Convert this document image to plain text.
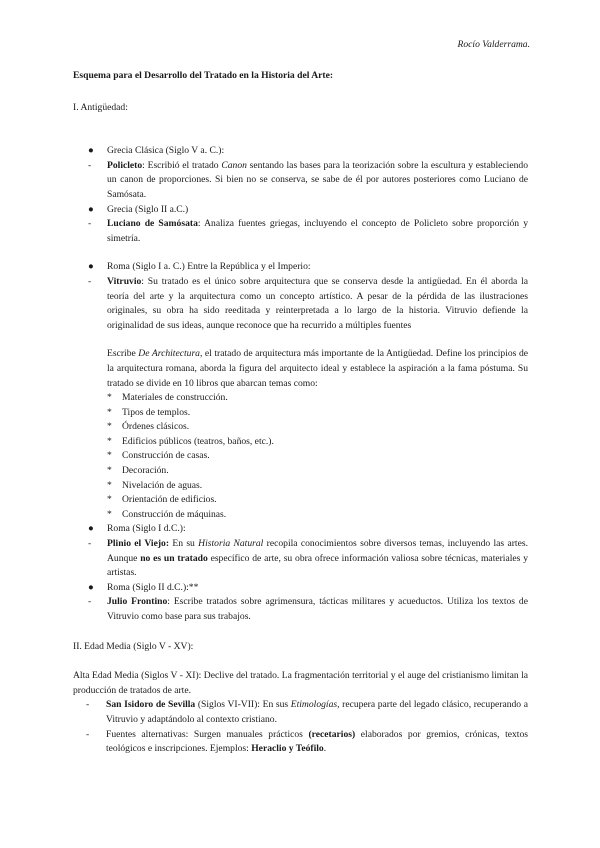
Rocío Valderrama.

Esquema para el Desarrollo del Tratado en la Historia del Arte:

I. Antigüedad:

●	Grecia Clásica (Siglo V a. C.):
-	Policleto: Escribió el tratado Canon sentando las bases para la teorización sobre la escultura y estableciendo un canon de proporciones. Si bien no se conserva, se sabe de él por autores posteriores como Luciano de Samósata.
●	Grecia (Siglo II a.C.)
-	Luciano de Samósata: Analiza fuentes griegas, incluyendo el concepto de Policleto sobre proporción y simetría.
●	Roma (Siglo I a. C.) Entre la República y el Imperio:
-	Vitruvio: Su tratado es el único sobre arquitectura que se conserva desde la antigüedad. En él aborda la teoría del arte y la arquitectura como un concepto artístico. A pesar de la pérdida de las ilustraciones originales, su obra ha sido reeditada y reinterpretada a lo largo de la historia. Vitruvio defiende la originalidad de sus ideas, aunque reconoce que ha recurrido a múltiples fuentes

Escribe De Architectura, el tratado de arquitectura más importante de la Antigüedad. Define los principios de la arquitectura romana, aborda la figura del arquitecto ideal y establece la aspiración a la fama póstuma. Su tratado se divide en 10 libros que abarcan temas como:

*	Materiales de construcción.
*	Tipos de templos.
*	Órdenes clásicos.
*	Edificios públicos (teatros, baños, etc.).
*	Construcción de casas.
*	Decoración.
*	Nivelación de aguas.
*	Orientación de edificios.
*	Construcción de máquinas.
●	Roma (Siglo I d.C.):
-	Plinio el Viejo: En su Historia Natural recopila conocimientos sobre diversos temas, incluyendo las artes. Aunque no es un tratado específico de arte, su obra ofrece información valiosa sobre técnicas, materiales y artistas.
●	Roma (Siglo II d.C.):**
-	Julio Frontino: Escribe tratados sobre agrimensura, tácticas militares y acueductos. Utiliza los textos de Vitruvio como base para sus trabajos.

II. Edad Media (Siglo V - XV):

Alta Edad Media (Siglos V - XI): Declive del tratado. La fragmentación territorial y el auge del cristianismo limitan la producción de tratados de arte.

-	San Isidoro de Sevilla (Siglos VI-VII): En sus Etimologías, recupera parte del legado clásico, recuperando a Vitruvio y adaptándolo al contexto cristiano.
-	Fuentes alternativas: Surgen manuales prácticos (recetarios) elaborados por gremios, crónicas, textos teológicos e inscripciones. Ejemplos: Heraclio y Teófilo.
